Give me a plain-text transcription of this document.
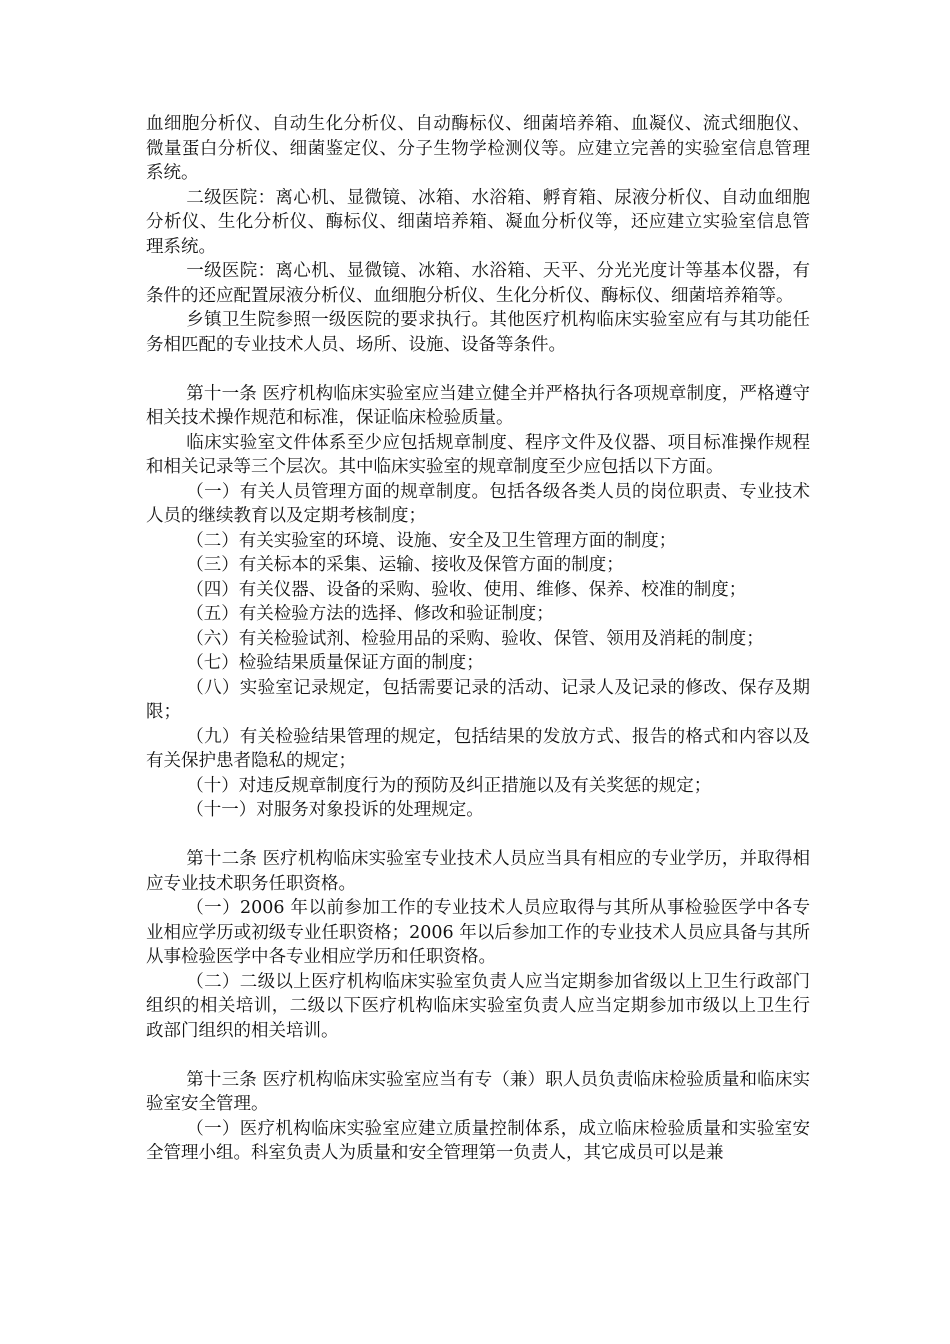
血细胞分析仪、自动生化分析仪、自动酶标仪、细菌培养箱、血凝仪、流式细胞仪、微量蛋白分析仪、细菌鉴定仪、分子生物学检测仪等。应建立完善的实验室信息管理系统。

二级医院：离心机、显微镜、冰箱、水浴箱、孵育箱、尿液分析仪、自动血细胞分析仪、生化分析仪、酶标仪、细菌培养箱、凝血分析仪等，还应建立实验室信息管理系统。

一级医院：离心机、显微镜、冰箱、水浴箱、天平、分光光度计等基本仪器，有条件的还应配置尿液分析仪、血细胞分析仪、生化分析仪、酶标仪、细菌培养箱等。

乡镇卫生院参照一级医院的要求执行。其他医疗机构临床实验室应有与其功能任务相匹配的专业技术人员、场所、设施、设备等条件。

第十一条 医疗机构临床实验室应当建立健全并严格执行各项规章制度，严格遵守相关技术操作规范和标准，保证临床检验质量。

临床实验室文件体系至少应包括规章制度、程序文件及仪器、项目标准操作规程和相关记录等三个层次。其中临床实验室的规章制度至少应包括以下方面。

（一）有关人员管理方面的规章制度。包括各级各类人员的岗位职责、专业技术人员的继续教育以及定期考核制度；

（二）有关实验室的环境、设施、安全及卫生管理方面的制度；

（三）有关标本的采集、运输、接收及保管方面的制度；

（四）有关仪器、设备的采购、验收、使用、维修、保养、校准的制度；

（五）有关检验方法的选择、修改和验证制度；

（六）有关检验试剂、检验用品的采购、验收、保管、领用及消耗的制度；

（七）检验结果质量保证方面的制度；

（八）实验室记录规定，包括需要记录的活动、记录人及记录的修改、保存及期限；

（九）有关检验结果管理的规定，包括结果的发放方式、报告的格式和内容以及有关保护患者隐私的规定；

（十）对违反规章制度行为的预防及纠正措施以及有关奖惩的规定；

（十一）对服务对象投诉的处理规定。

第十二条 医疗机构临床实验室专业技术人员应当具有相应的专业学历，并取得相应专业技术职务任职资格。

（一）2006 年以前参加工作的专业技术人员应取得与其所从事检验医学中各专业相应学历或初级专业任职资格；2006 年以后参加工作的专业技术人员应具备与其所从事检验医学中各专业相应学历和任职资格。

（二）二级以上医疗机构临床实验室负责人应当定期参加省级以上卫生行政部门组织的相关培训，二级以下医疗机构临床实验室负责人应当定期参加市级以上卫生行政部门组织的相关培训。

第十三条 医疗机构临床实验室应当有专（兼）职人员负责临床检验质量和临床实验室安全管理。

（一）医疗机构临床实验室应建立质量控制体系，成立临床检验质量和实验室安全管理小组。科室负责人为质量和安全管理第一负责人，其它成员可以是兼
